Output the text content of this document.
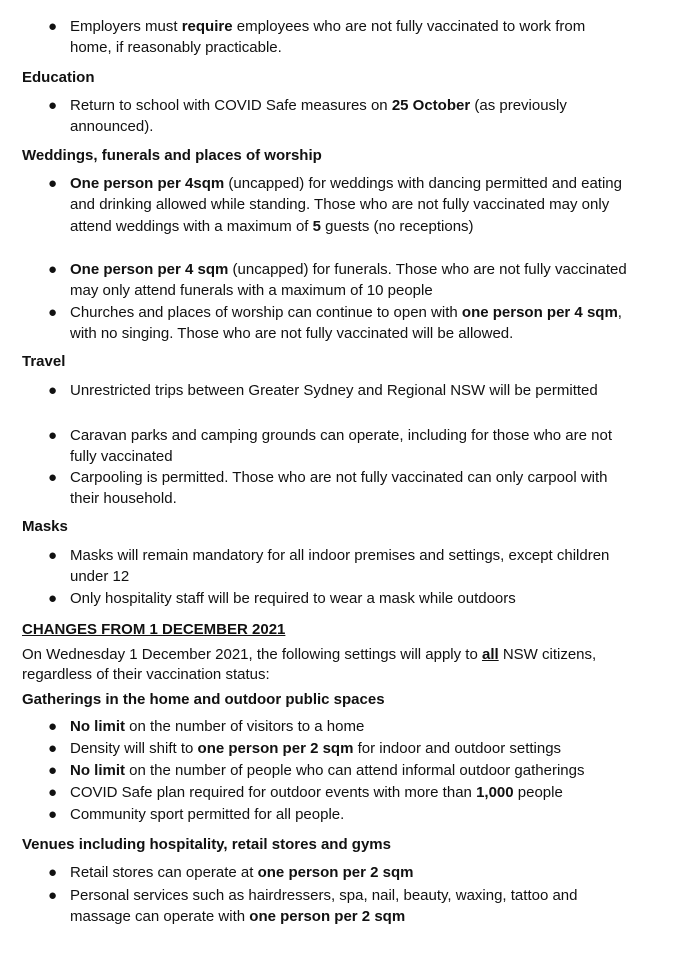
Education
Weddings, funerals and places of worship
Travel
Masks
CHANGES FROM 1 DECEMBER 2021
On Wednesday 1 December 2021, the following settings will apply to all NSW citizens, regardless of their vaccination status:
Gatherings in the home and outdoor public spaces
Venues including hospitality, retail stores and gyms
● Employers must require employees who are not fully vaccinated to work from home, if reasonably practicable.
● Return to school with COVID Safe measures on 25 October (as previously announced).
● One person per 4sqm (uncapped) for weddings with dancing permitted and eating and drinking allowed while standing. Those who are not fully vaccinated may only attend weddings with a maximum of 5 guests (no receptions)
● One person per 4 sqm (uncapped) for funerals. Those who are not fully vaccinated may only attend funerals with a maximum of 10 people
● Churches and places of worship can continue to open with one person per 4 sqm, with no singing. Those who are not fully vaccinated will be allowed.
● Unrestricted trips between Greater Sydney and Regional NSW will be permitted
● Caravan parks and camping grounds can operate, including for those who are not fully vaccinated
● Carpooling is permitted. Those who are not fully vaccinated can only carpool with their household.
● Masks will remain mandatory for all indoor premises and settings, except children under 12
● Only hospitality staff will be required to wear a mask while outdoors
● No limit on the number of visitors to a home
● Density will shift to one person per 2 sqm for indoor and outdoor settings
● No limit on the number of people who can attend informal outdoor gatherings
● COVID Safe plan required for outdoor events with more than 1,000 people
● Community sport permitted for all people.
● Retail stores can operate at one person per 2 sqm
● Personal services such as hairdressers, spa, nail, beauty, waxing, tattoo and massage can operate with one person per 2 sqm
